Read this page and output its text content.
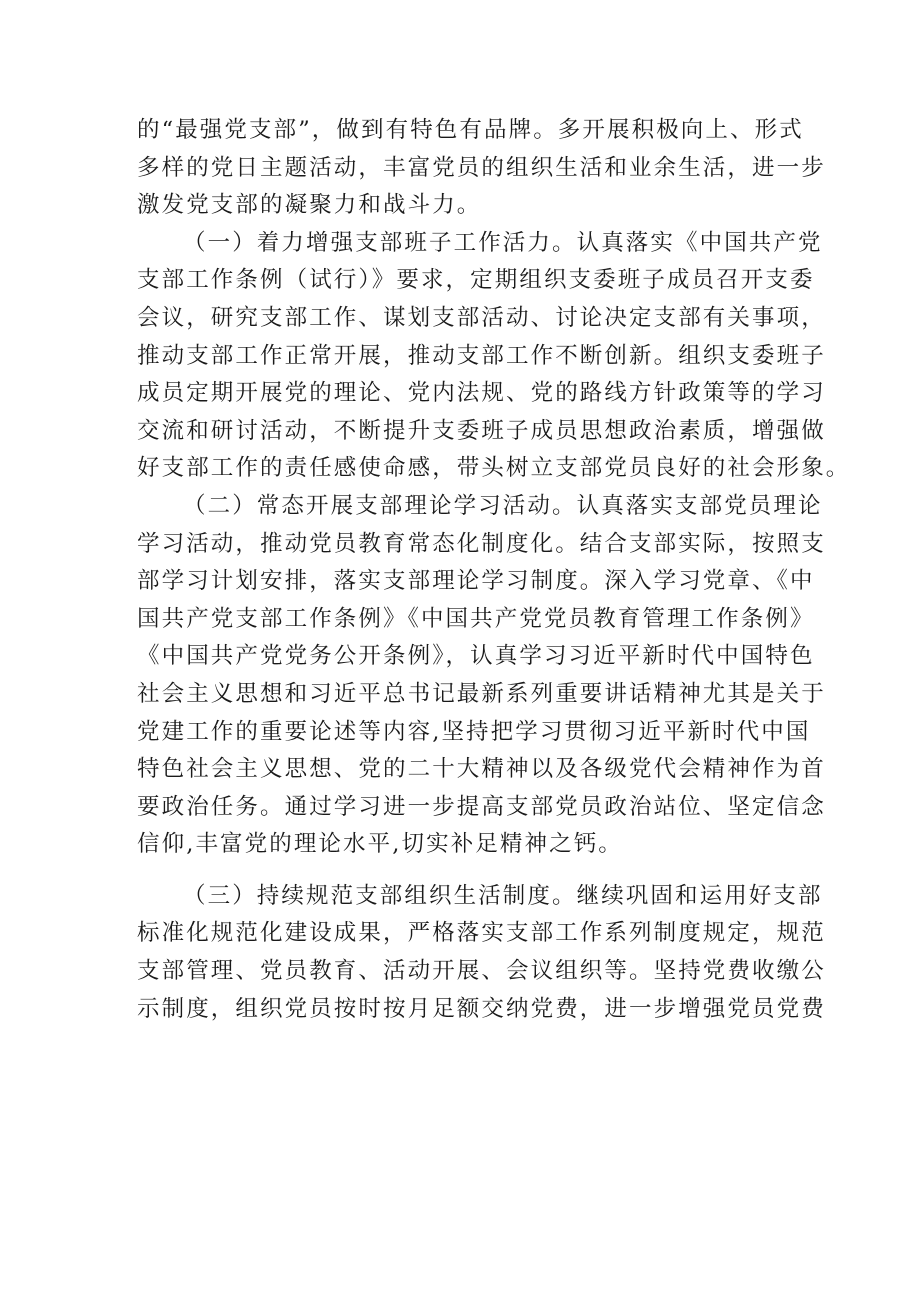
的“最强党支部”，做到有特色有品牌。多开展积极向上、形式
多样的党日主题活动，丰富党员的组织生活和业余生活，进一步
激发党支部的凝聚力和战斗力。
（一）着力增强支部班子工作活力。认真落实《中国共产党
支部工作条例（试行）》要求，定期组织支委班子成员召开支委
会议，研究支部工作、谋划支部活动、讨论决定支部有关事项，
推动支部工作正常开展，推动支部工作不断创新。组织支委班子
成员定期开展党的理论、党内法规、党的路线方针政策等的学习
交流和研讨活动，不断提升支委班子成员思想政治素质，增强做
好支部工作的责任感使命感，带头树立支部党员良好的社会形象。
（二）常态开展支部理论学习活动。认真落实支部党员理论
学习活动，推动党员教育常态化制度化。结合支部实际，按照支
部学习计划安排，落实支部理论学习制度。深入学习党章、《中
国共产党支部工作条例》《中国共产党党员教育管理工作条例》
《中国共产党党务公开条例》，认真学习习近平新时代中国特色
社会主义思想和习近平总书记最新系列重要讲话精神尤其是关于
党建工作的重要论述等内容,坚持把学习贯彻习近平新时代中国
特色社会主义思想、党的二十大精神以及各级党代会精神作为首
要政治任务。通过学习进一步提高支部党员政治站位、坚定信念
信仰,丰富党的理论水平,切实补足精神之钙。
（三）持续规范支部组织生活制度。继续巩固和运用好支部
标准化规范化建设成果，严格落实支部工作系列制度规定，规范
支部管理、党员教育、活动开展、会议组织等。坚持党费收缴公
示制度，组织党员按时按月足额交纳党费，进一步增强党员党费
